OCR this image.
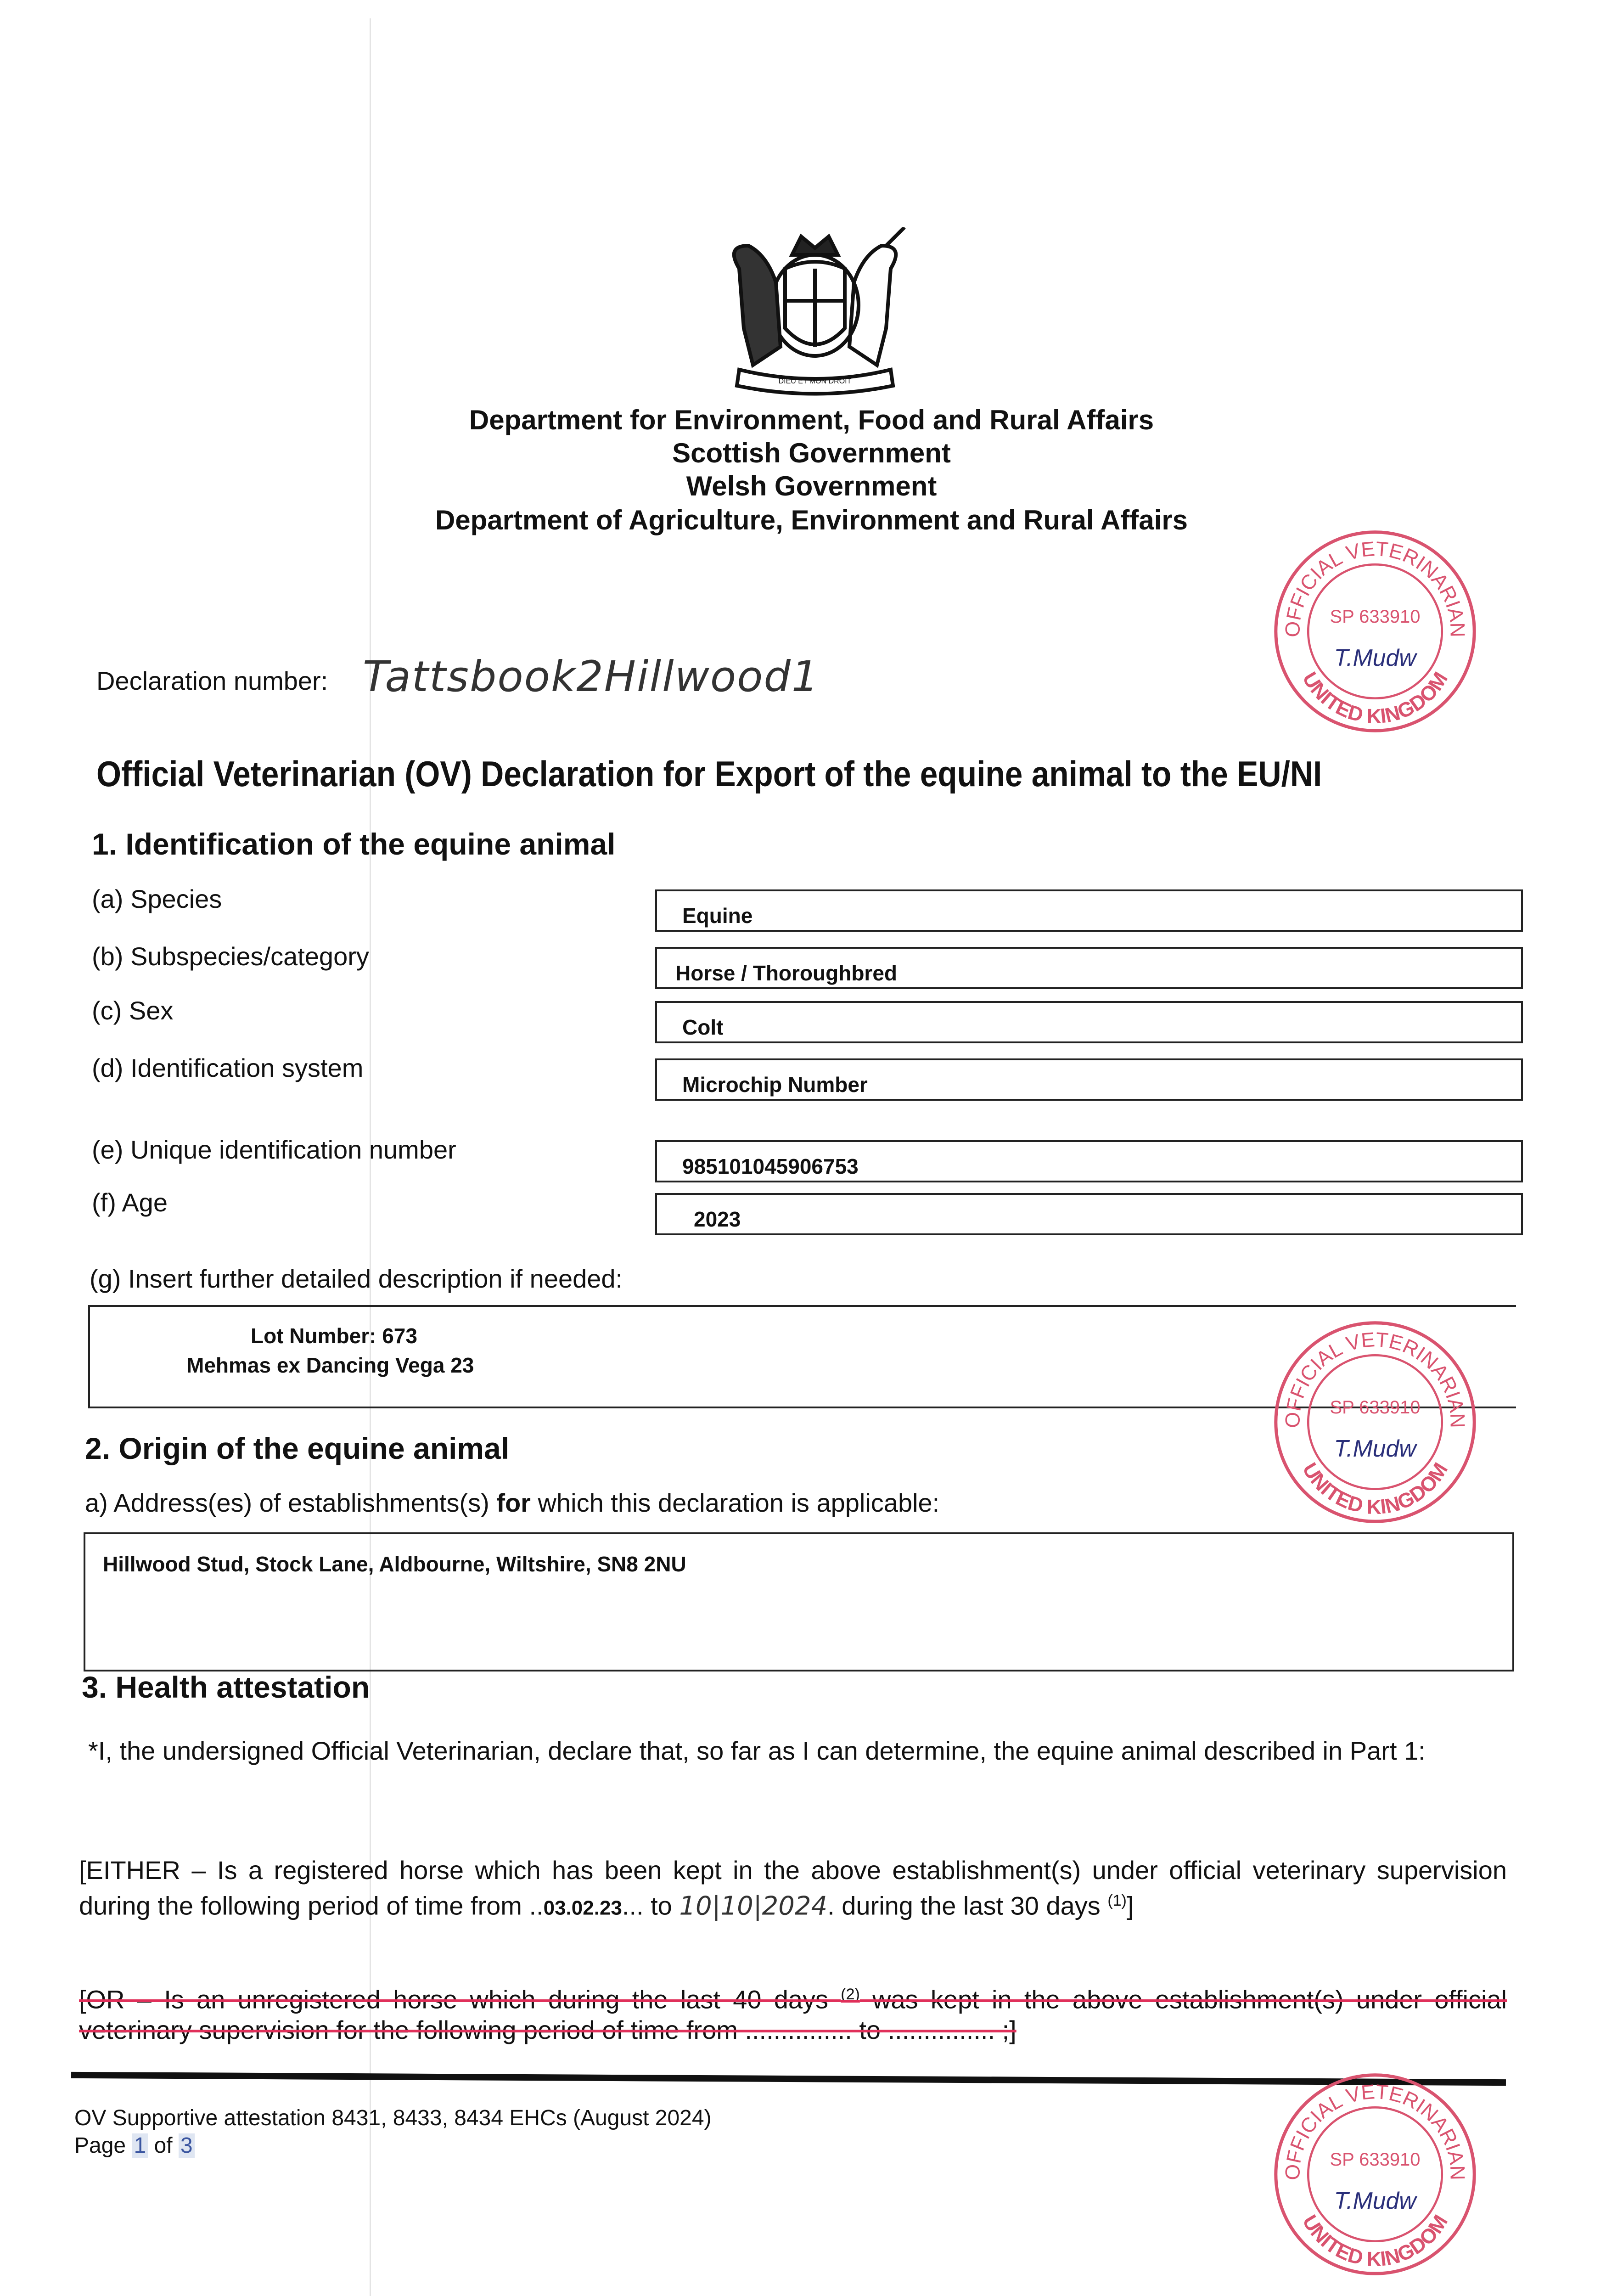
DIEU ET MON DROIT
Department for Environment, Food and Rural Affairs
Scottish Government
Welsh Government
Department of Agriculture, Environment and Rural Affairs
Declaration number: Tattsbook2Hillwood1
Official Veterinarian (OV) Declaration for Export of the equine animal to the EU/NI
1. Identification of the equine animal
(a) Species
Equine
(b) Subspecies/category
Horse / Thoroughbred
(c) Sex
Colt
(d) Identification system
Microchip Number
(e) Unique identification number
985101045906753
(f) Age
2023
(g) Insert further detailed description if needed:
Lot Number: 673
Mehmas ex Dancing Vega 23
2. Origin of the equine animal
a) Address(es) of establishments(s) for which this declaration is applicable:
Hillwood Stud, Stock Lane, Aldbourne, Wiltshire, SN8 2NU
3. Health attestation
*I, the undersigned Official Veterinarian, declare that, so far as I can determine, the equine animal described in Part 1:
[EITHER – Is a registered horse which has been kept in the above establishment(s) under official veterinary supervision during the following period of time from ..03.02.23... to 10|10|2024. during the last 30 days $^{(1)}$]
[OR – Is an unregistered horse which during the last 40 days $^{(2)}$ was kept in the above establishment(s) under official veterinary supervision for the following period of time from ............... to ............... ;]
OV Supportive attestation 8431, 8433, 8434 EHCs (August 2024)
Page 1 of 3
OFFICIAL VETERINARIAN
UNITED KINGDOM
SP 633910
T.Mudw
OFFICIAL VETERINARIAN
UNITED KINGDOM
SP 633910
T.Mudw
OFFICIAL VETERINARIAN
UNITED KINGDOM
SP 633910
T.Mudw
